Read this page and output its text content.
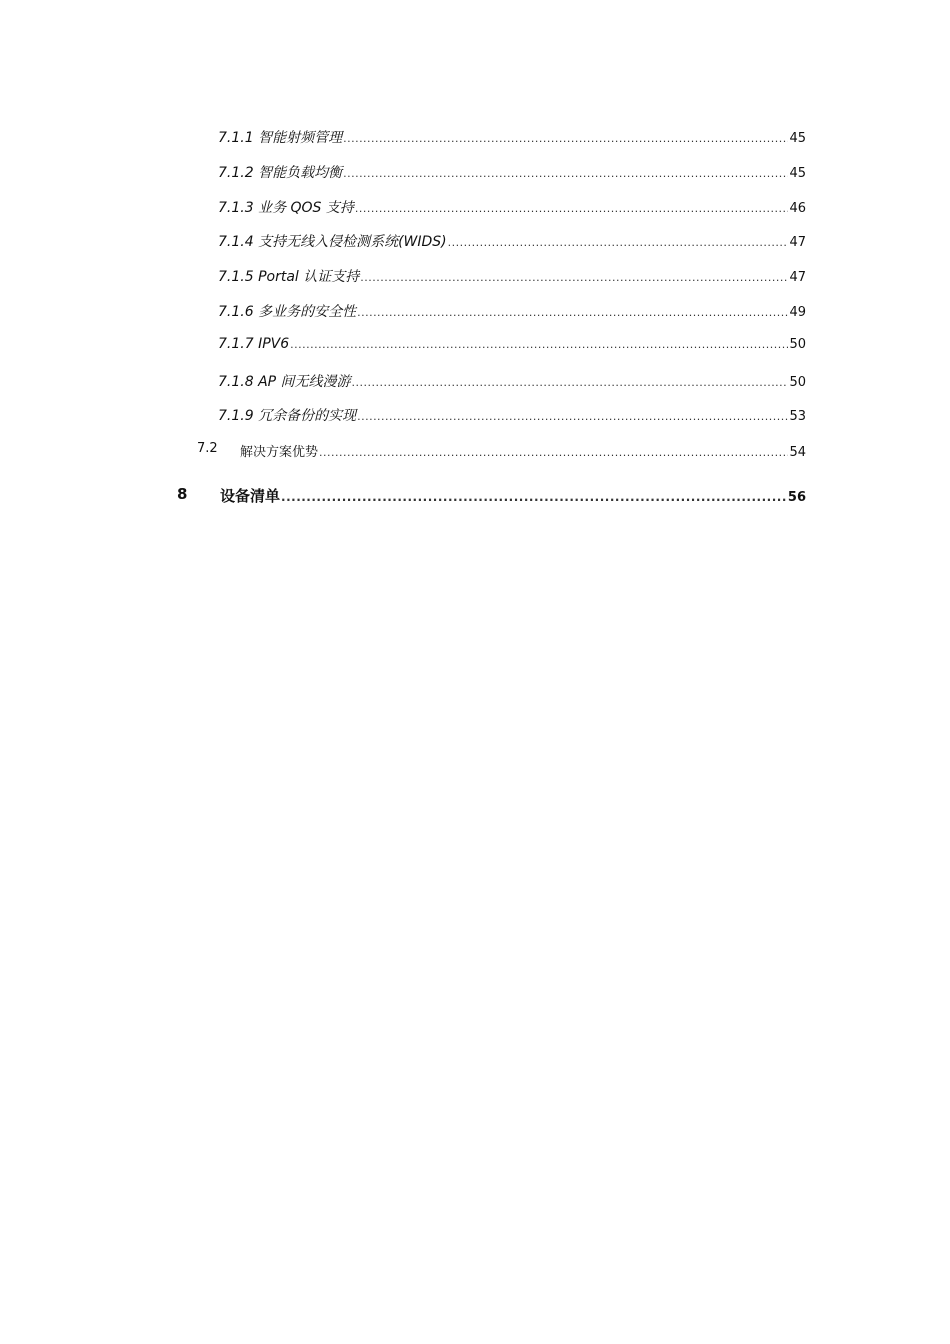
7.1.1 智能射频管理 .....	45
7.1.2 智能负载均衡 .....	45
7.1.3 业务 QOS 支持 .....	46
7.1.4 支持无线入侵检测系统(WIDS) .....	47
7.1.5 Portal 认证支持 .....	47
7.1.6 多业务的安全性 .....	49
7.1.7 IPV6 .....	50
7.1.8 AP 间无线漫游 .....	50
7.1.9 冗余备份的实现 .....	53
7.2 解决方案优势 .....	54
8 设备清单 .....	56
